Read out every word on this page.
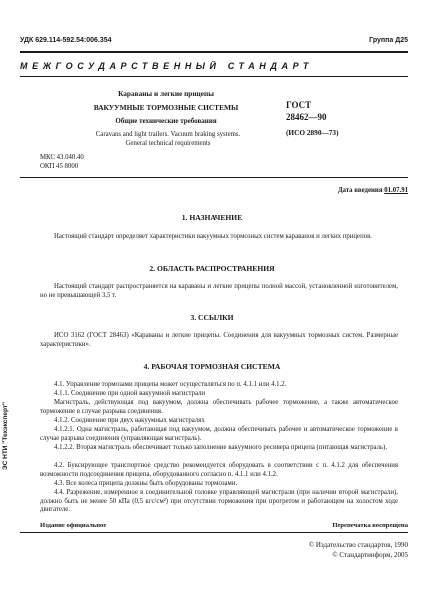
УДК 629.114-592.54:006.354	Группа Д25
МЕЖГОСУДАРСТВЕННЫЙ СТАНДАРТ
Караваны и легкие прицепы
ВАКУУМНЫЕ ТОРМОЗНЫЕ СИСТЕМЫ
Общие технические требования
Caravans and light trailers. Vacuum braking systems.
General technical requirements
ГОСТ
28462—90
(ИСО 2890—73)
МКС 43.040.40
ОКП 45 8000
Дата введения 01.07.91
1. НАЗНАЧЕНИЕ
Настоящий стандарт определяет характеристики вакуумных тормозных систем караванов и легких прицепов.
2. ОБЛАСТЬ РАСПРОСТРАНЕНИЯ
Настоящий стандарт распространяется на караваны и легкие прицепы полной массой, установленной изготовителем, но не превышающей 3,5 т.
3. ССЫЛКИ
ИСО 3162 (ГОСТ 28463) «Караваны и легкие прицепы. Соединения для вакуумных тормозных систем. Размерные характеристики».
4. РАБОЧАЯ ТОРМОЗНАЯ СИСТЕМА
4.1. Управление тормозами прицепа может осуществляться по п. 4.1.1 или 4.1.2.
4.1.1. Соединение при одной вакуумной магистрали
Магистраль, действующая под вакуумом, должна обеспечивать рабочее торможение, а также автоматическое торможение в случае разрыва соединения.
4.1.2. Соединение при двух вакуумных магистралях
4.1.2.1. Одна магистраль, работающая под вакуумом, должна обеспечивать рабочее и автоматическое торможение в случае разрыва соединения (управляющая магистраль).
4.1.2.2. Вторая магистраль обеспечивает только заполнение вакуумного ресивера прицепа (питающая магистраль).
4.2. Буксирующее транспортное средство рекомендуется оборудовать в соответствии с п. 4.1.2 для обеспечения возможности подсоединения прицепа, оборудованного согласно п. 4.1.1 или 4.1.2.
4.3. Все колеса прицепа должны быть оборудованы тормозами.
4.4. Разрежение, измеренное в соединительной головке управляющей магистрали (при наличии второй магистрали), должно быть не менее 50 кПа (0,5 кгс/см²) при отсутствии торможения при прогретом и работающем на холостом ходе двигателе.
Издание официальное	Перепечатка воспрещена
© Издательство стандартов, 1990
© Стандартинформ, 2005
ЭС НТИ "Техэксперт"
